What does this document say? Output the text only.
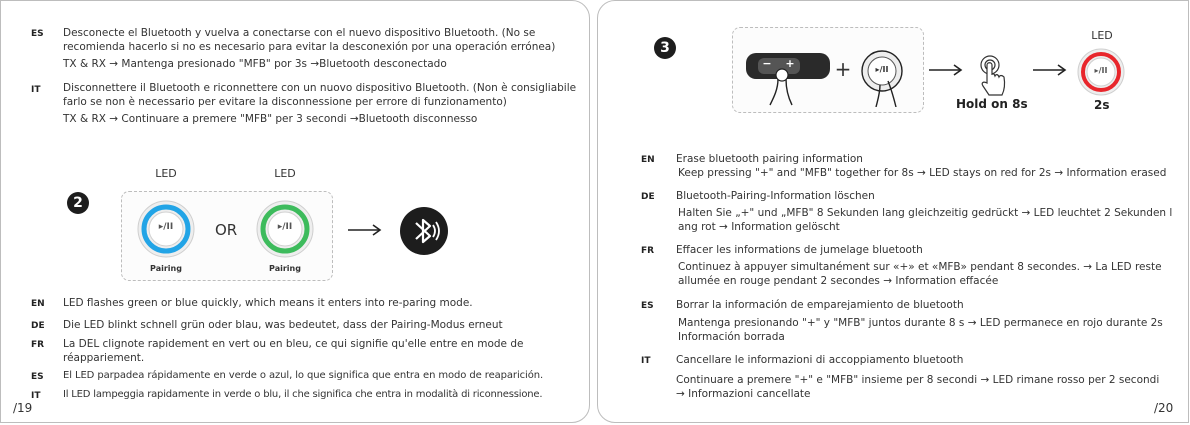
ES Desconecte el Bluetooth y vuelva a conectarse con el nuevo dispositivo Bluetooth. (No se
recomienda hacerlo si no es necesario para evitar la desconexión por una operación errónea)
TX & RX → Mantenga presionado "MFB" por 3s →Bluetooth desconectado
IT Disconnettere il Bluetooth e riconnettere con un nuovo dispositivo Bluetooth. (Non è consigliabile
farlo se non è necessario per evitare la disconnessione per errore di funzionamento)
TX & RX → Continuare a premere "MFB" per 3 secondi →Bluetooth disconnesso
2
LED	LED
▸/II
Pairing
OR	▸/II
Pairing
EN LED flashes green or blue quickly, which means it enters into re-paring mode.
DE Die LED blinkt schnell grün oder blau, was bedeutet, dass der Pairing-Modus erneut
FR La DEL clignote rapidement en vert ou en bleu, ce qui signifie qu'elle entre en mode de
réappariement.
ES El LED parpadea rápidamente en verde o azul, lo que significa que entra en modo de reaparición.
IT Il LED lampeggia rapidamente in verde o blu, il che significa che entra in modalità di riconnessione.
/19
3
− + +	▸/II
Hold on 8s
LED
▸/II
2s
EN Erase bluetooth pairing information
Keep pressing "+" and "MFB" together for 8s → LED stays on red for 2s → Information erased
DE Bluetooth-Pairing-Information löschen
Halten Sie „+" und „MFB" 8 Sekunden lang gleichzeitig gedrückt → LED leuchtet 2 Sekunden l
ang rot → Information gelöscht
FR Effacer les informations de jumelage bluetooth
Continuez à appuyer simultanément sur «+» et «MFB» pendant 8 secondes. → La LED reste
allumée en rouge pendant 2 secondes → Information effacée
ES Borrar la información de emparejamiento de bluetooth
Mantenga presionando "+" y "MFB" juntos durante 8 s → LED permanece en rojo durante 2s
Información borrada
IT Cancellare le informazioni di accoppiamento bluetooth
Continuare a premere "+" e "MFB" insieme per 8 secondi → LED rimane rosso per 2 secondi
→ Informazioni cancellate
/20
